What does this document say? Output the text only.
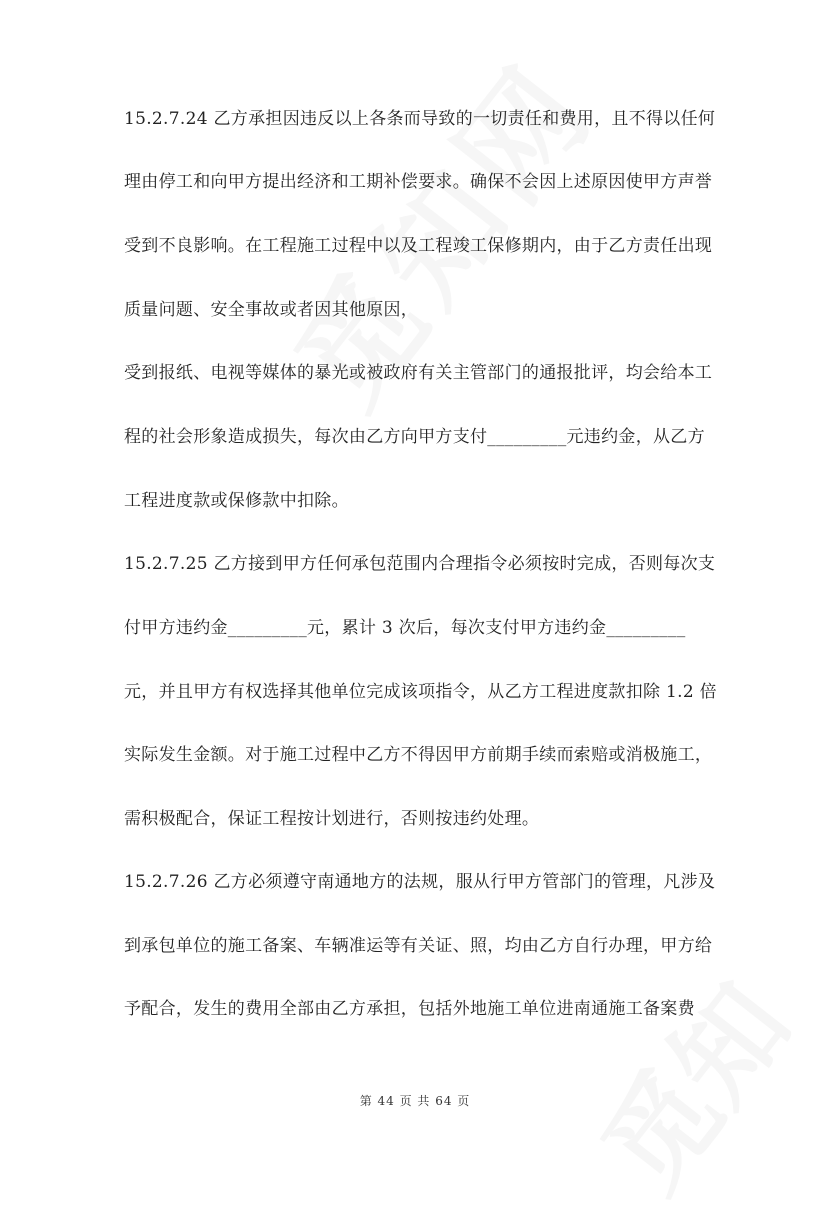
15.2.7.24 乙方承担因违反以上各条而导致的一切责任和费用，且不得以任何
理由停工和向甲方提出经济和工期补偿要求。确保不会因上述原因使甲方声誉
受到不良影响。在工程施工过程中以及工程竣工保修期内，由于乙方责任出现
质量问题、安全事故或者因其他原因，
受到报纸、电视等媒体的暴光或被政府有关主管部门的通报批评，均会给本工
程的社会形象造成损失，每次由乙方向甲方支付_________元违约金，从乙方
工程进度款或保修款中扣除。
15.2.7.25 乙方接到甲方任何承包范围内合理指令必须按时完成，否则每次支
付甲方违约金_________元，累计 3 次后，每次支付甲方违约金_________
元，并且甲方有权选择其他单位完成该项指令，从乙方工程进度款扣除 1.2 倍
实际发生金额。对于施工过程中乙方不得因甲方前期手续而索赔或消极施工，
需积极配合，保证工程按计划进行，否则按违约处理。
15.2.7.26 乙方必须遵守南通地方的法规，服从行甲方管部门的管理，凡涉及
到承包单位的施工备案、车辆准运等有关证、照，均由乙方自行办理，甲方给
予配合，发生的费用全部由乙方承担，包括外地施工单位进南通施工备案费
第 44 页 共 64 页
